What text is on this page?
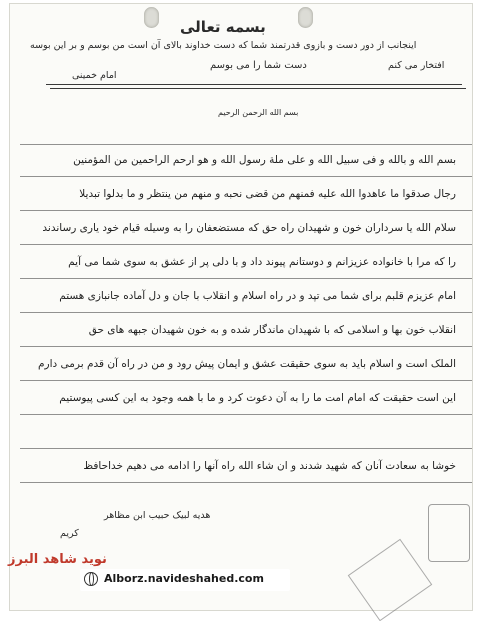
بسمه تعالی
اینجانب از دور دست و بازوی قدرتمند شما که دست خداوند بالای آن است من بوسم و بر این بوسه
افتخار می کنم
دست شما را می بوسم
امام خمینی
بسم الله الرحمن الرحیم
بسم الله و بالله و فی سبیل الله و علی ملة رسول الله و هو ارحم الراحمین من المؤمنین
رجال صدقوا ما عاهدوا الله علیه فمنهم من قضی نحبه و منهم من ینتظر و ما بدلوا تبدیلا
سلام الله یا سرداران خون و شهیدان راه حق که مستضعفان را به وسیله قیام خود یاری رساندند
را که مرا با خانواده عزیزانم و دوستانم پیوند داد و با دلی پر از عشق به سوی شما می آیم
امام عزیزم قلبم برای شما می تپد و در راه اسلام و انقلاب با جان و دل آماده جانبازی هستم
انقلاب خون بها و اسلامی که با شهیدان ماندگار شده و به خون شهیدان جبهه های حق
الملک است و اسلام باید به سوی حقیقت عشق و ایمان پیش رود و من در راه آن قدم برمی دارم
این است حقیقت که امام امت ما را به آن دعوت کرد و ما با همه وجود به این کسی پیوستیم
خوشا به سعادت آنان که شهید شدند و ان شاء الله راه آنها را ادامه می دهیم خداحافظ
هدیه لبیک حبیب ابن مظاهر
کریم
نوید شاهد البرز
Alborz.navideshahed.com
